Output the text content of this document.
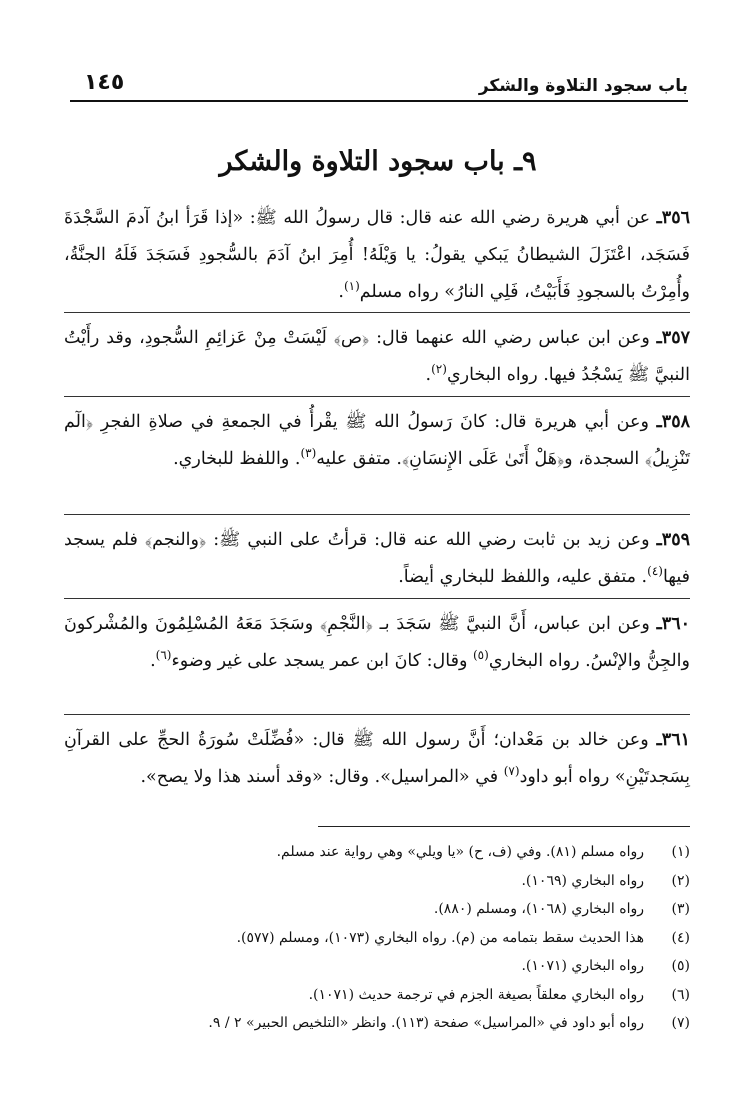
باب سجود التلاوة والشكر
١٤٥
٩ـ باب سجود التلاوة والشكر

٣٥٦ـ عن أبي هريرة رضي الله عنه قال: قال رسولُ الله ﷺ: «إذا قَرَأ ابنُ آدمَ السَّجْدَةَ فَسَجَد، اعْتَزَلَ الشيطانُ يَبكي يقولُ: يا وَيْلَهُ! أُمِرَ ابنُ آدَمَ بالسُّجودِ فَسَجَدَ فَلَهُ الجنَّةُ، وأُمِرْتُ بالسجودِ فَأَبَيْتُ، فَلِي النارُ» رواه مسلم$^{(١)}$.

٣٥٧ـ وعن ابن عباس رضي الله عنهما قال: ﴿ص﴾ لَيْسَتْ مِنْ عَزائِمِ السُّجودِ، وقد رأَيْتُ النبيَّ ﷺ يَسْجُدُ فيها. رواه البخاري$^{(٢)}$.

٣٥٨ـ وعن أبي هريرة قال: كانَ رَسولُ الله ﷺ يقْرأُ في الجمعةِ في صلاةِ الفجرِ ﴿الٓم تَنْزِيلُ﴾ السجدة، و﴿هَلْ أَتَىٰ عَلَى الإِنسَانِ﴾. متفق عليه$^{(٣)}$. واللفظ للبخاري.

٣٥٩ـ وعن زيد بن ثابت رضي الله عنه قال: قرأتُ على النبي ﷺ: ﴿والنجم﴾ فلم يسجد فيها$^{(٤)}$. متفق عليه، واللفظ للبخاري أيضاً.

٣٦٠ـ وعن ابن عباس، أَنَّ النبيَّ ﷺ سَجَدَ بـ ﴿النَّجْمِ﴾ وسَجَدَ مَعَهُ المُسْلِمُونَ والمُشْركونَ والجِنُّ والإنْسُ. رواه البخاري$^{(٥)}$ وقال: كانَ ابن عمر يسجد على غير وضوء$^{(٦)}$.

٣٦١ـ وعن خالد بن مَعْدان؛ أَنَّ رسول الله ﷺ قال: «فُضِّلَتْ سُورَةُ الحجِّ على القرآنِ بِسَجدتَيْنِ» رواه أبو داود$^{(٧)}$ في «المراسيل». وقال: «وقد أسند هذا ولا يصح».

(١)
رواه مسلم (٨١). وفي (ف، ح) «يا ويلي» وهي رواية عند مسلم.
(٢)
رواه البخاري (١٠٦٩).
(٣)
رواه البخاري (١٠٦٨)، ومسلم (٨٨٠).
(٤)
هذا الحديث سقط بتمامه من (م). رواه البخاري (١٠٧٣)، ومسلم (٥٧٧).
(٥)
رواه البخاري (١٠٧١).
(٦)
رواه البخاري معلقاً بصيغة الجزم في ترجمة حديث (١٠٧١).
(٧)
رواه أبو داود في «المراسيل» صفحة (١١٣). وانظر «التلخيص الحبير» ٢ / ٩.
